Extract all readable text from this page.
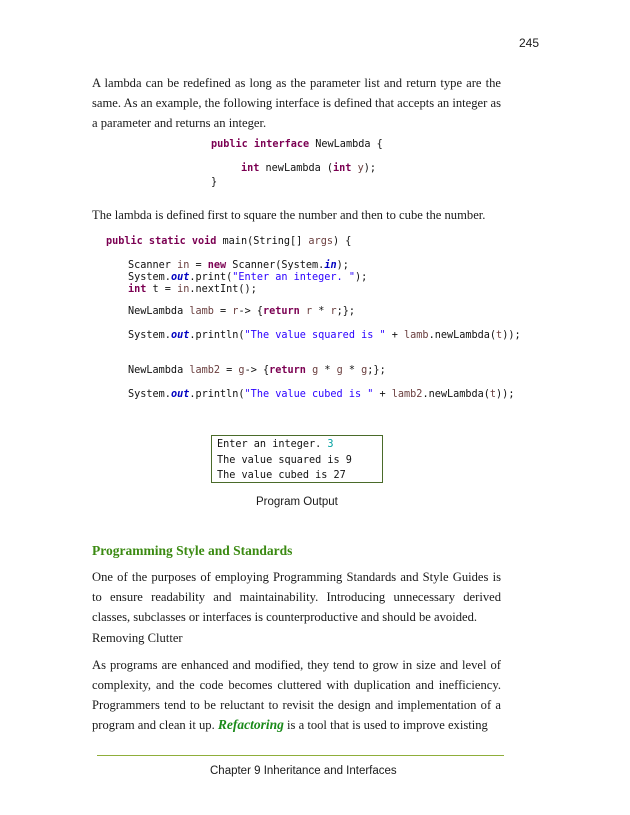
245

A lambda can be redefined as long as the parameter list and return type are the same. As an example, the following interface is defined that accepts an integer as a parameter and returns an integer.

public interface NewLambda {
int newLambda (int y);
}

The lambda is defined first to square the number and then to cube the number.

public static void main(String[] args) {
Scanner in = new Scanner(System.in);
System.out.print("Enter an integer. ");
int t = in.nextInt();
NewLambda lamb = r-> {return r * r;};
System.out.println("The value squared is " + lamb.newLambda(t));
NewLambda lamb2 = g-> {return g * g * g;};
System.out.println("The value cubed is " + lamb2.newLambda(t));
Enter an integer. 3
The value squared is 9
The value cubed is 27
Program Output
Programming Style and Standards

One of the purposes of employing Programming Standards and Style Guides is to ensure readability and maintainability. Introducing unnecessary derived classes, subclasses or interfaces is counterproductive and should be avoided.

Removing Clutter

As programs are enhanced and modified, they tend to grow in size and level of complexity, and the code becomes cluttered with duplication and inefficiency. Programmers tend to be reluctant to revisit the design and implementation of a program and clean it up. Refactoring is a tool that is used to improve existing

Chapter 9 Inheritance and Interfaces
